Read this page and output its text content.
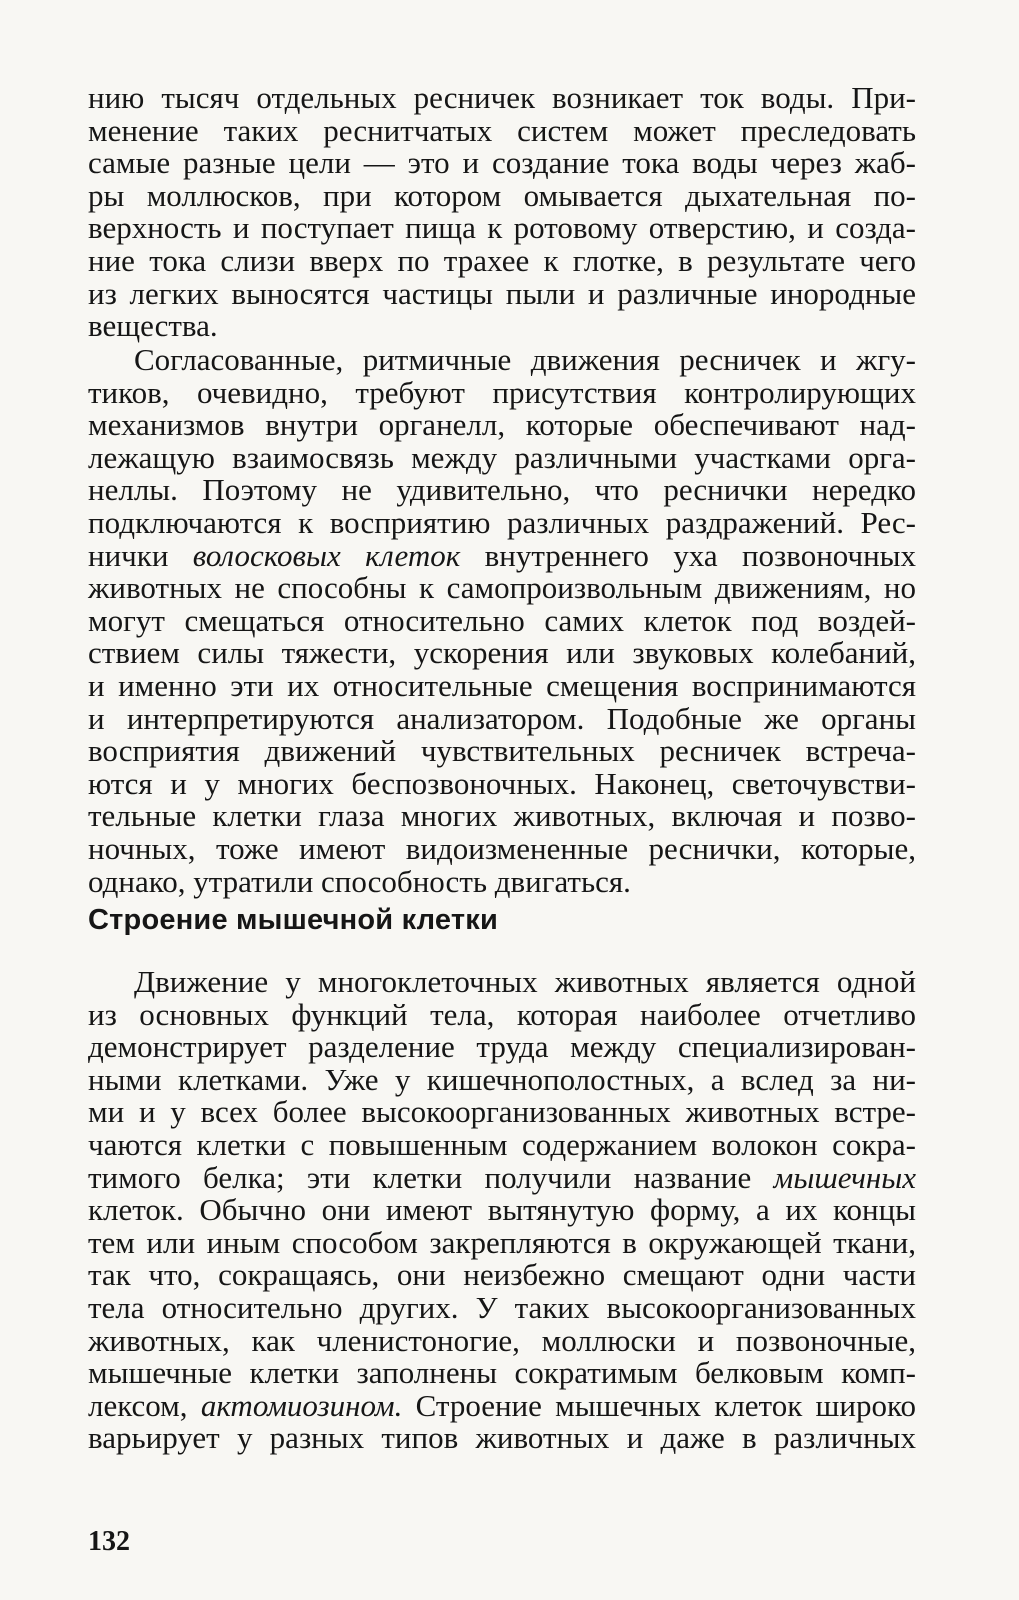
нию тысяч отдельных ресничек возникает ток воды. При-
менение таких реснитчатых систем может преследовать
самые разные цели — это и создание тока воды через жаб-
ры моллюсков, при котором омывается дыхательная по-
верхность и поступает пища к ротовому отверстию, и созда-
ние тока слизи вверх по трахее к глотке, в результате чего
из легких выносятся частицы пыли и различные инородные
вещества.
Согласованные, ритмичные движения ресничек и жгу-
тиков, очевидно, требуют присутствия контролирующих
механизмов внутри органелл, которые обеспечивают над-
лежащую взаимосвязь между различными участками орга-
неллы. Поэтому не удивительно, что реснички нередко
подключаются к восприятию различных раздражений. Рес-
нички волосковых клеток внутреннего уха позвоночных
животных не способны к самопроизвольным движениям, но
могут смещаться относительно самих клеток под воздей-
ствием силы тяжести, ускорения или звуковых колебаний,
и именно эти их относительные смещения воспринимаются
и интерпретируются анализатором. Подобные же органы
восприятия движений чувствительных ресничек встреча-
ются и у многих беспозвоночных. Наконец, светочувстви-
тельные клетки глаза многих животных, включая и позво-
ночных, тоже имеют видоизмененные реснички, которые,
однако, утратили способность двигаться.
Строение мышечной клетки
Движение у многоклеточных животных является одной
из основных функций тела, которая наиболее отчетливо
демонстрирует разделение труда между специализирован-
ными клетками. Уже у кишечнополостных, а вслед за ни-
ми и у всех более высокоорганизованных животных встре-
чаются клетки с повышенным содержанием волокон сокра-
тимого белка; эти клетки получили название мышечных
клеток. Обычно они имеют вытянутую форму, а их концы
тем или иным способом закрепляются в окружающей ткани,
так что, сокращаясь, они неизбежно смещают одни части
тела относительно других. У таких высокоорганизованных
животных, как членистоногие, моллюски и позвоночные,
мышечные клетки заполнены сократимым белковым комп-
лексом, актомиозином. Строение мышечных клеток широко
варьирует у разных типов животных и даже в различных
132
